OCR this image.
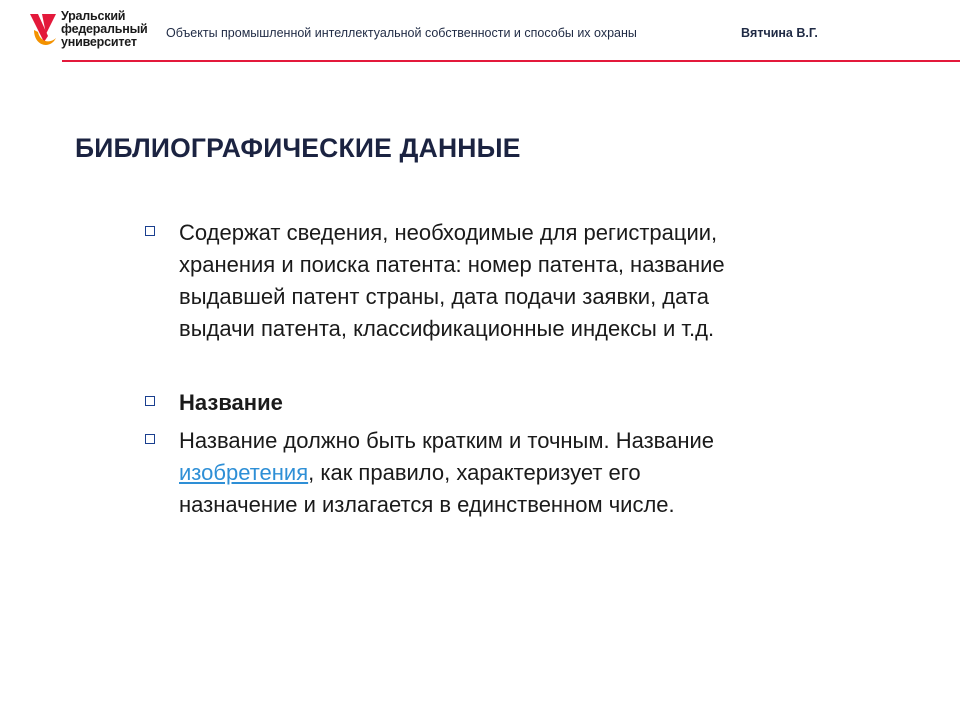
Уральский
федеральный
университет
Объекты промышленной интеллектуальной собственности и способы их охраны	Вятчина В.Г.
БИБЛИОГРАФИЧЕСКИЕ ДАННЫЕ
Содержат сведения, необходимые для регистрации,
хранения и поиска патента: номер патента, название
выдавшей патент страны, дата подачи заявки, дата
выдачи патента, классификационные индексы и т.д.
Название
Название должно быть кратким и точным. Название
изобретения, как правило, характеризует его
назначение и излагается в единственном числе.
